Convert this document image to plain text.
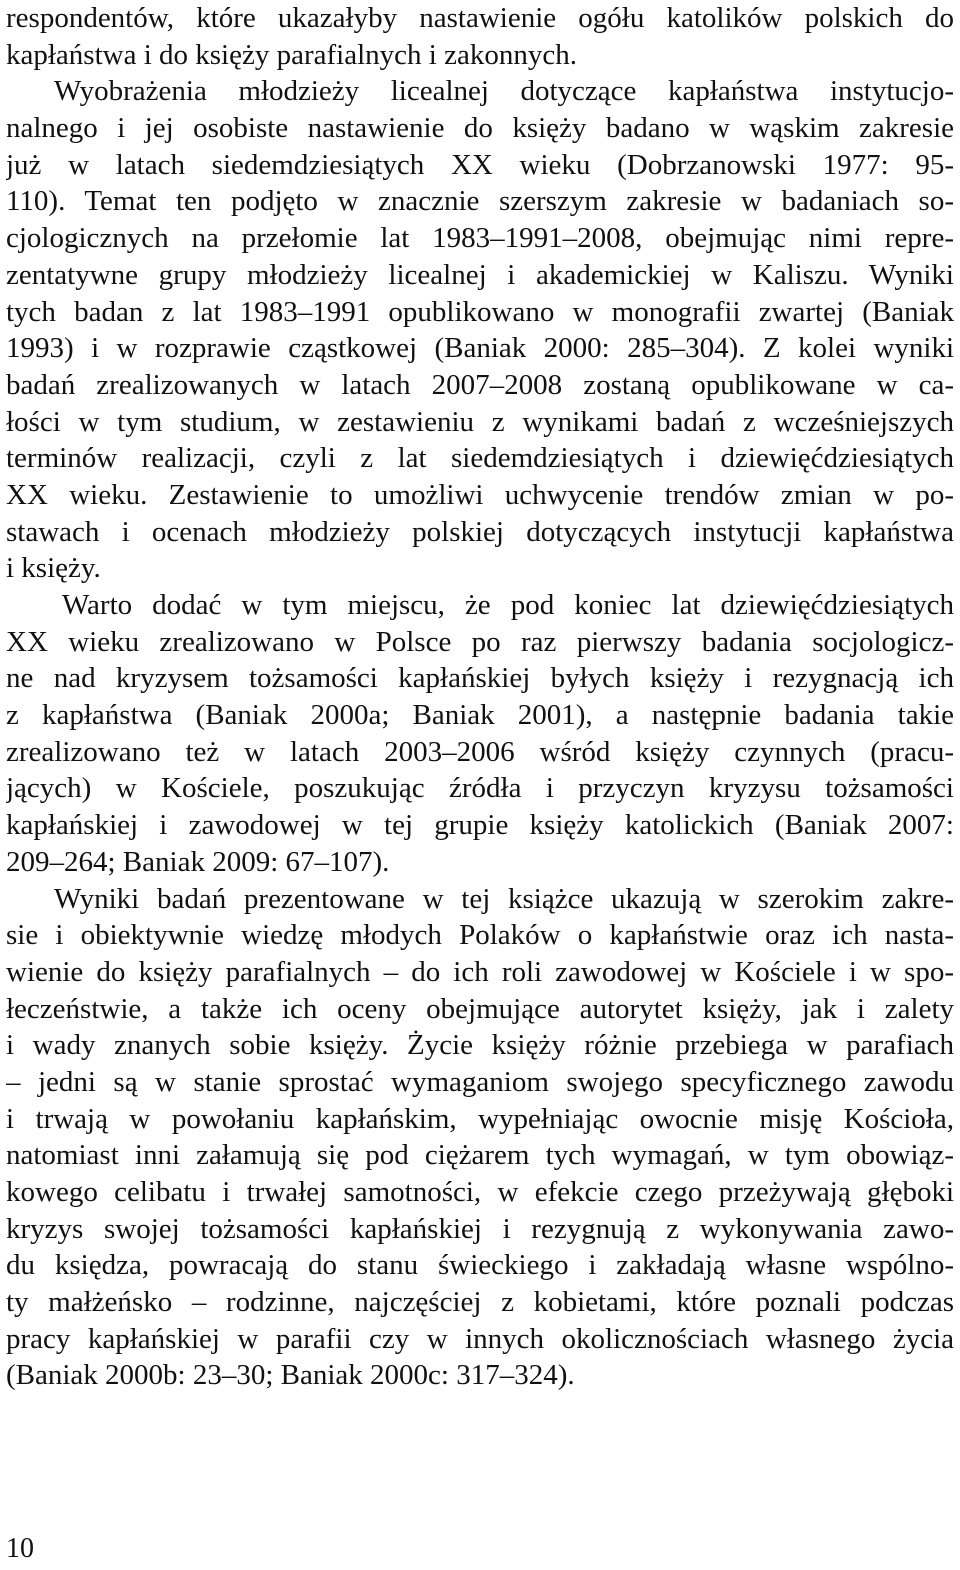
respondentów, które ukazałyby nastawienie ogółu katolików polskich do
kapłaństwa i do księży parafialnych i zakonnych.
Wyobrażenia młodzieży licealnej dotyczące kapłaństwa instytucjo-
nalnego i jej osobiste nastawienie do księży badano w wąskim zakresie
już w latach siedemdziesiątych XX wieku (Dobrzanowski 1977: 95-
110). Temat ten podjęto w znacznie szerszym zakresie w badaniach so-
cjologicznych na przełomie lat 1983–1991–2008, obejmując nimi repre-
zentatywne grupy młodzieży licealnej i akademickiej w Kaliszu. Wyniki
tych badan z lat 1983–1991 opublikowano w monografii zwartej (Baniak
1993) i w rozprawie cząstkowej (Baniak 2000: 285–304). Z kolei wyniki
badań zrealizowanych w latach 2007–2008 zostaną opublikowane w ca-
łości w tym studium, w zestawieniu z wynikami badań z wcześniejszych
terminów realizacji, czyli z lat siedemdziesiątych i dziewięćdziesiątych
XX wieku. Zestawienie to umożliwi uchwycenie trendów zmian w po-
stawach i ocenach młodzieży polskiej dotyczących instytucji kapłaństwa
i księży.
Warto dodać w tym miejscu, że pod koniec lat dziewięćdziesiątych
XX wieku zrealizowano w Polsce po raz pierwszy badania socjologicz-
ne nad kryzysem tożsamości kapłańskiej byłych księży i rezygnacją ich
z kapłaństwa (Baniak 2000a; Baniak 2001), a następnie badania takie
zrealizowano też w latach 2003–2006 wśród księży czynnych (pracu-
jących) w Kościele, poszukując źródła i przyczyn kryzysu tożsamości
kapłańskiej i zawodowej w tej grupie księży katolickich (Baniak 2007:
209–264; Baniak 2009: 67–107).
Wyniki badań prezentowane w tej książce ukazują w szerokim zakre-
sie i obiektywnie wiedzę młodych Polaków o kapłaństwie oraz ich nasta-
wienie do księży parafialnych – do ich roli zawodowej w Kościele i w spo-
łeczeństwie, a także ich oceny obejmujące autorytet księży, jak i zalety
i wady znanych sobie księży. Życie księży różnie przebiega w parafiach
– jedni są w stanie sprostać wymaganiom swojego specyficznego zawodu
i trwają w powołaniu kapłańskim, wypełniając owocnie misję Kościoła,
natomiast inni załamują się pod ciężarem tych wymagań, w tym obowiąz-
kowego celibatu i trwałej samotności, w efekcie czego przeżywają głęboki
kryzys swojej tożsamości kapłańskiej i rezygnują z wykonywania zawo-
du księdza, powracają do stanu świeckiego i zakładają własne wspólno-
ty małżeńsko – rodzinne, najczęściej z kobietami, które poznali podczas
pracy kapłańskiej w parafii czy w innych okolicznościach własnego życia
(Baniak 2000b: 23–30; Baniak 2000c: 317–324).
10
